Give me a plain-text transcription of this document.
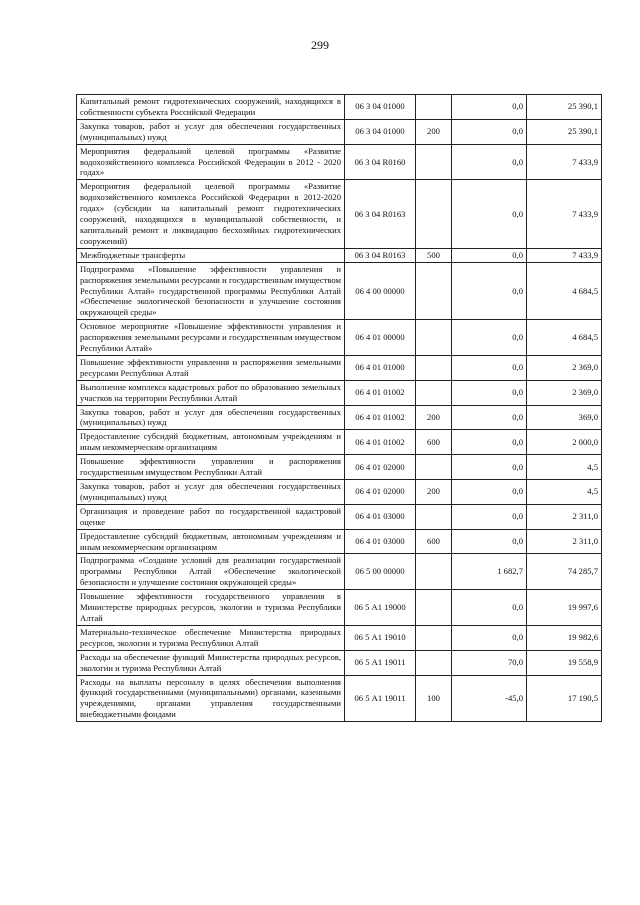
299
Капитальный ремонт гидротехнических сооружений, находящихся в собственности субъекта Российской Федерации	06 3 04 01000		0,0	25 390,1
Закупка товаров, работ и услуг для обеспечения государственных (муниципальных) нужд	06 3 04 01000	200	0,0	25 390,1
Мероприятия федеральной целевой программы «Развитие водохозяйственного комплекса Российской Федерации в 2012 - 2020 годах»	06 3 04 R0160		0,0	7 433,9
Мероприятия федеральной целевой программы «Развитие водохозяйственного комплекса Российской Федерации в 2012-2020 годах» (субсидии на капитальный ремонт гидротехнических сооружений, находящихся в муниципальной собственности, и капитальный ремонт и ликвидацию бесхозяйных гидротехнических сооружений)	06 3 04 R0163		0,0	7 433,9
Межбюджетные трансферты	06 3 04 R0163	500	0,0	7 433,9
Подпрограмма «Повышение эффективности управления и распоряжения земельными ресурсами и государственным имуществом Республики Алтай» государственной программы Республики Алтай «Обеспечение экологической безопасности и улучшение состояния окружающей среды»	06 4 00 00000		0,0	4 684,5
Основное мероприятие «Повышение эффективности управления и распоряжения земельными ресурсами и государственным имуществом Республики Алтай»	06 4 01 00000		0,0	4 684,5
Повышение эффективности управления и распоряжения земельными ресурсами Республики Алтай	06 4 01 01000		0,0	2 369,0
Выполнение комплекса кадастровых работ по образованию земельных участков на территории Республики Алтай	06 4 01 01002		0,0	2 369,0
Закупка товаров, работ и услуг для обеспечения государственных (муниципальных) нужд	06 4 01 01002	200	0,0	369,0
Предоставление субсидий бюджетным, автономным учреждениям и иным некоммерческим организациям	06 4 01 01002	600	0,0	2 000,0
Повышение эффективности управления и распоряжения государственным имуществом Республики Алтай	06 4 01 02000		0,0	4,5
Закупка товаров, работ и услуг для обеспечения государственных (муниципальных) нужд	06 4 01 02000	200	0,0	4,5
Организация и проведение работ по государственной кадастровой оценке	06 4 01 03000		0,0	2 311,0
Предоставление субсидий бюджетным, автономным учреждениям и иным некоммерческим организациям	06 4 01 03000	600	0,0	2 311,0
Подпрограмма «Создание условий для реализации государственной программы Республики Алтай «Обеспечение экологической безопасности и улучшение состояния окружающей среды»	06 5 00 00000		1 682,7	74 285,7
Повышение эффективности государственного управления в Министерстве природных ресурсов, экологии и туризма Республики Алтай	06 5 А1 19000		0,0	19 997,6
Материально-техническое обеспечение Министерства природных ресурсов, экологии и туризма Республики Алтай	06 5 А1 19010		0,0	19 982,6
Расходы на обеспечение функций Министерства природных ресурсов, экологии и туризма Республики Алтай	06 5 А1 19011		70,0	19 558,9
Расходы на выплаты персоналу в целях обеспечения выполнения функций государственными (муниципальными) органами, казенными учреждениями, органами управления государственными внебюджетными фондами	06 5 А1 19011	100	-45,0	17 190,5
